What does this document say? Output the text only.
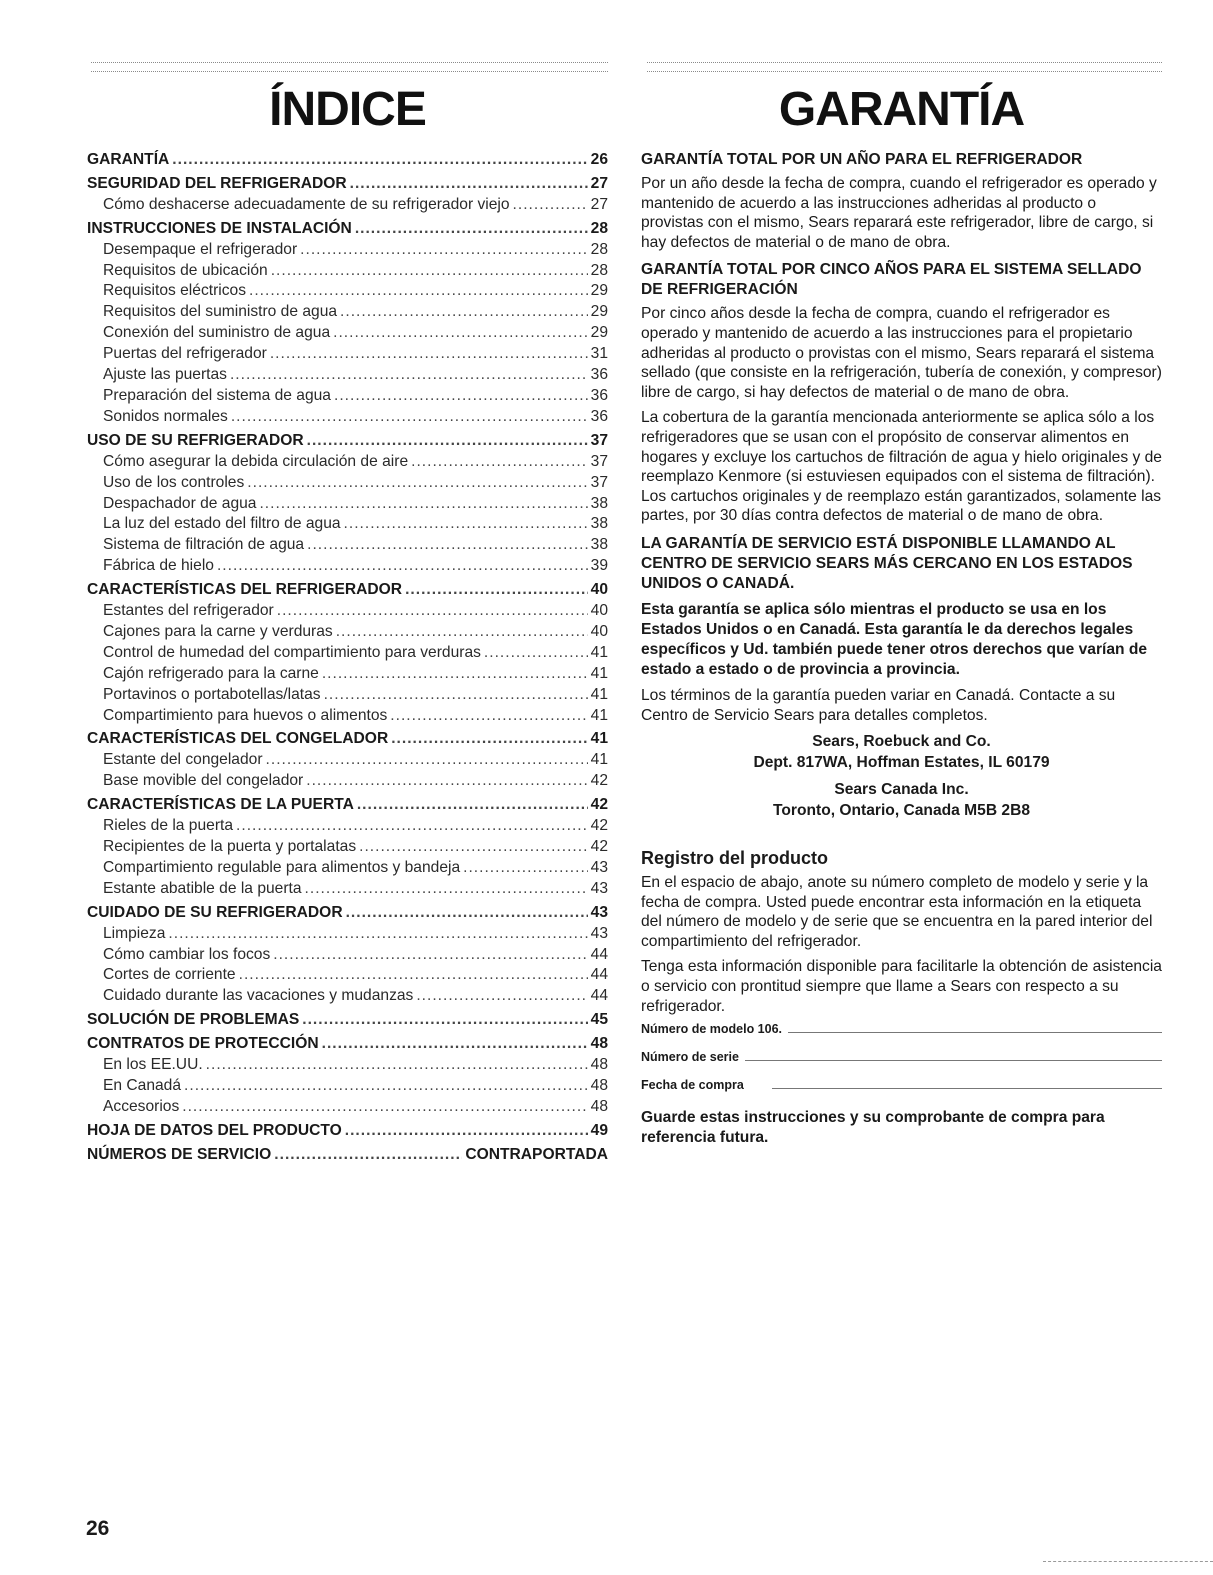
ÍNDICE
GARANTÍA .....	26
SEGURIDAD DEL REFRIGERADOR .....	27
Cómo deshacerse adecuadamente de su refrigerador viejo .....	27
INSTRUCCIONES DE INSTALACIÓN .....	28
Desempaque el refrigerador .....	28
Requisitos de ubicación .....	28
Requisitos eléctricos .....	29
Requisitos del suministro de agua .....	29
Conexión del suministro de agua .....	29
Puertas del refrigerador .....	31
Ajuste las puertas .....	36
Preparación del sistema de agua .....	36
Sonidos normales .....	36
USO DE SU REFRIGERADOR .....	37
Cómo asegurar la debida circulación de aire .....	37
Uso de los controles .....	37
Despachador de agua .....	38
La luz del estado del filtro de agua .....	38
Sistema de filtración de agua .....	38
Fábrica de hielo .....	39
CARACTERÍSTICAS DEL REFRIGERADOR .....	40
Estantes del refrigerador .....	40
Cajones para la carne y verduras .....	40
Control de humedad del compartimiento para verduras .....	41
Cajón refrigerado para la carne .....	41
Portavinos o portabotellas/latas .....	41
Compartimiento para huevos o alimentos .....	41
CARACTERÍSTICAS DEL CONGELADOR .....	41
Estante del congelador .....	41
Base movible del congelador .....	42
CARACTERÍSTICAS DE LA PUERTA .....	42
Rieles de la puerta .....	42
Recipientes de la puerta y portalatas .....	42
Compartimiento regulable para alimentos y bandeja .....	43
Estante abatible de la puerta .....	43
CUIDADO DE SU REFRIGERADOR .....	43
Limpieza .....	43
Cómo cambiar los focos .....	44
Cortes de corriente .....	44
Cuidado durante las vacaciones y mudanzas .....	44
SOLUCIÓN DE PROBLEMAS .....	45
CONTRATOS DE PROTECCIÓN .....	48
En los EE.UU. .....	48
En Canadá .....	48
Accesorios .....	48
HOJA DE DATOS DEL PRODUCTO .....	49
NÚMEROS DE SERVICIO .....	CONTRAPORTADA
GARANTÍA
GARANTÍA TOTAL POR UN AÑO PARA EL REFRIGERADOR

Por un año desde la fecha de compra, cuando el refrigerador es operado y mantenido de acuerdo a las instrucciones adheridas al producto o provistas con el mismo, Sears reparará este refrigerador, libre de cargo, si hay defectos de material o de mano de obra.

GARANTÍA TOTAL POR CINCO AÑOS PARA EL SISTEMA SELLADO DE REFRIGERACIÓN

Por cinco años desde la fecha de compra, cuando el refrigerador es operado y mantenido de acuerdo a las instrucciones para el propietario adheridas al producto o provistas con el mismo, Sears reparará el sistema sellado (que consiste en la refrigeración, tubería de conexión, y compresor) libre de cargo, si hay defectos de material o de mano de obra.

La cobertura de la garantía mencionada anteriormente se aplica sólo a los refrigeradores que se usan con el propósito de conservar alimentos en hogares y excluye los cartuchos de filtración de agua y hielo originales y de reemplazo Kenmore (si estuviesen equipados con el sistema de filtración). Los cartuchos originales y de reemplazo están garantizados, solamente las partes, por 30 días contra defectos de material o de mano de obra.

LA GARANTÍA DE SERVICIO ESTÁ DISPONIBLE LLAMANDO AL CENTRO DE SERVICIO SEARS MÁS CERCANO EN LOS ESTADOS UNIDOS O CANADÁ.

Esta garantía se aplica sólo mientras el producto se usa en los Estados Unidos o en Canadá. Esta garantía le da derechos legales específicos y Ud. también puede tener otros derechos que varían de estado a estado o de provincia a provincia.

Los términos de la garantía pueden variar en Canadá. Contacte a su Centro de Servicio Sears para detalles completos.

Sears, Roebuck and Co.

Dept. 817WA, Hoffman Estates, IL 60179

Sears Canada Inc.

Toronto, Ontario, Canada M5B 2B8

Registro del producto

En el espacio de abajo, anote su número completo de modelo y serie y la fecha de compra. Usted puede encontrar esta información en la etiqueta del número de modelo y de serie que se encuentra en la pared interior del compartimiento del refrigerador.

Tenga esta información disponible para facilitarle la obtención de asistencia o servicio con prontitud siempre que llame a Sears con respecto a su refrigerador.

Número de modelo 106.
Número de serie
Fecha de compra
Guarde estas instrucciones y su comprobante de compra para referencia futura.
26
